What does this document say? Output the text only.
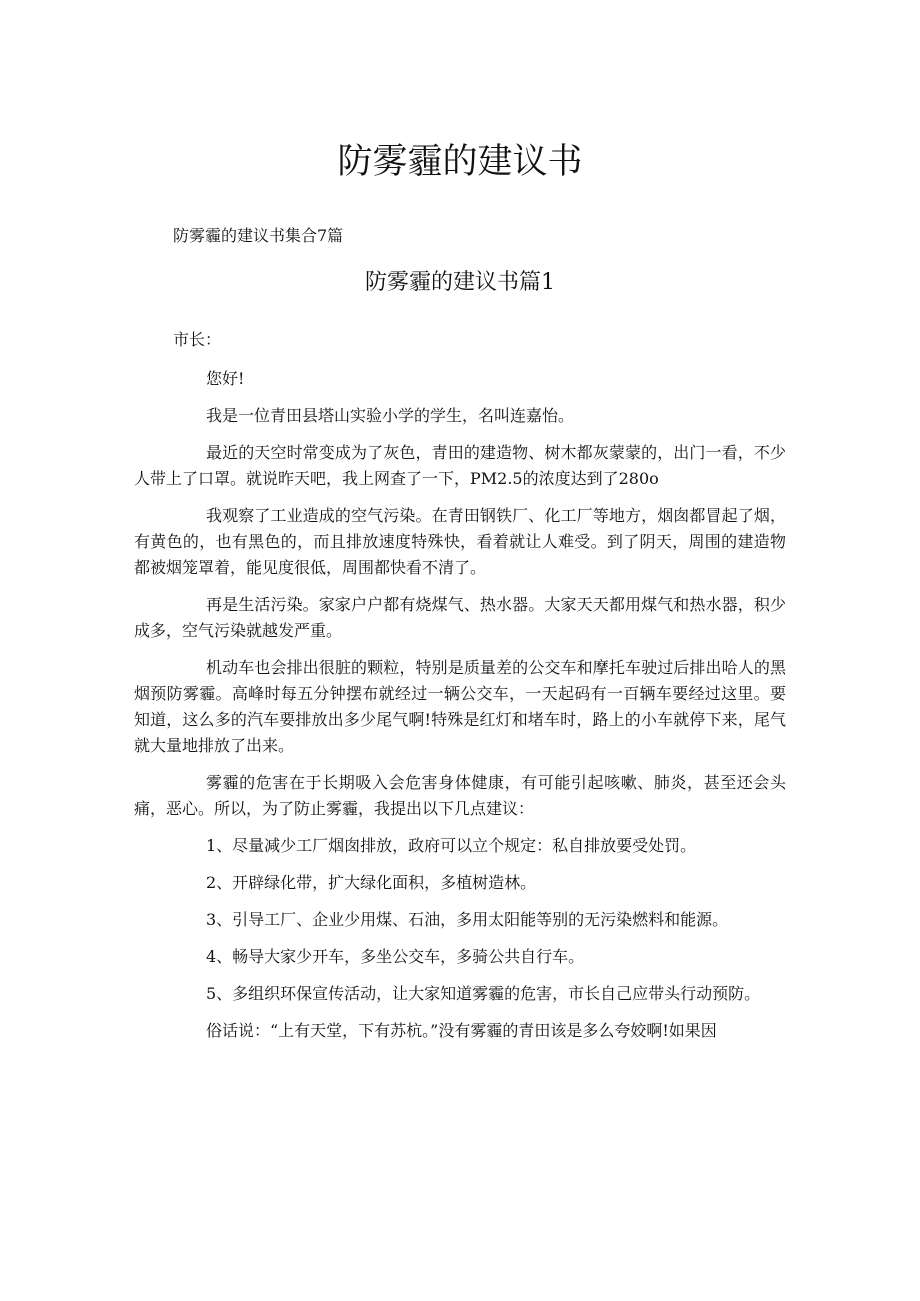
防雾霾的建议书

防雾霾的建议书集合7篇

防雾霾的建议书篇1

市长：

您好!

我是一位青田县塔山实验小学的学生，名叫连嘉怡。

最近的天空时常变成为了灰色，青田的建造物、树木都灰蒙蒙的，出门一看，不少人带上了口罩。就说昨天吧，我上网查了一下，PM2.5的浓度达到了280o

我观察了工业造成的空气污染。在青田钢铁厂、化工厂等地方，烟囱都冒起了烟，有黄色的，也有黑色的，而且排放速度特殊快，看着就让人难受。到了阴天，周围的建造物都被烟笼罩着，能见度很低，周围都快看不清了。

再是生活污染。家家户户都有烧煤气、热水器。大家天天都用煤气和热水器，积少成多，空气污染就越发严重。

机动车也会排出很脏的颗粒，特别是质量差的公交车和摩托车驶过后排出哈人的黑烟预防雾霾。高峰时每五分钟摆布就经过一辆公交车，一天起码有一百辆车要经过这里。要知道，这么多的汽车要排放出多少尾气啊!特殊是红灯和堵车时，路上的小车就停下来，尾气就大量地排放了出来。

雾霾的危害在于长期吸入会危害身体健康，有可能引起咳嗽、肺炎，甚至还会头痛，恶心。所以，为了防止雾霾，我提出以下几点建议：

1、尽量减少工厂烟囱排放，政府可以立个规定：私自排放要受处罚。

2、开辟绿化带，扩大绿化面积，多植树造林。

3、引导工厂、企业少用煤、石油，多用太阳能等别的无污染燃料和能源。

4、畅导大家少开车，多坐公交车，多骑公共自行车。

5、多组织环保宣传活动，让大家知道雾霾的危害，市长自己应带头行动预防。

俗话说：“上有天堂，下有苏杭。”没有雾霾的青田该是多么夸姣啊!如果因
